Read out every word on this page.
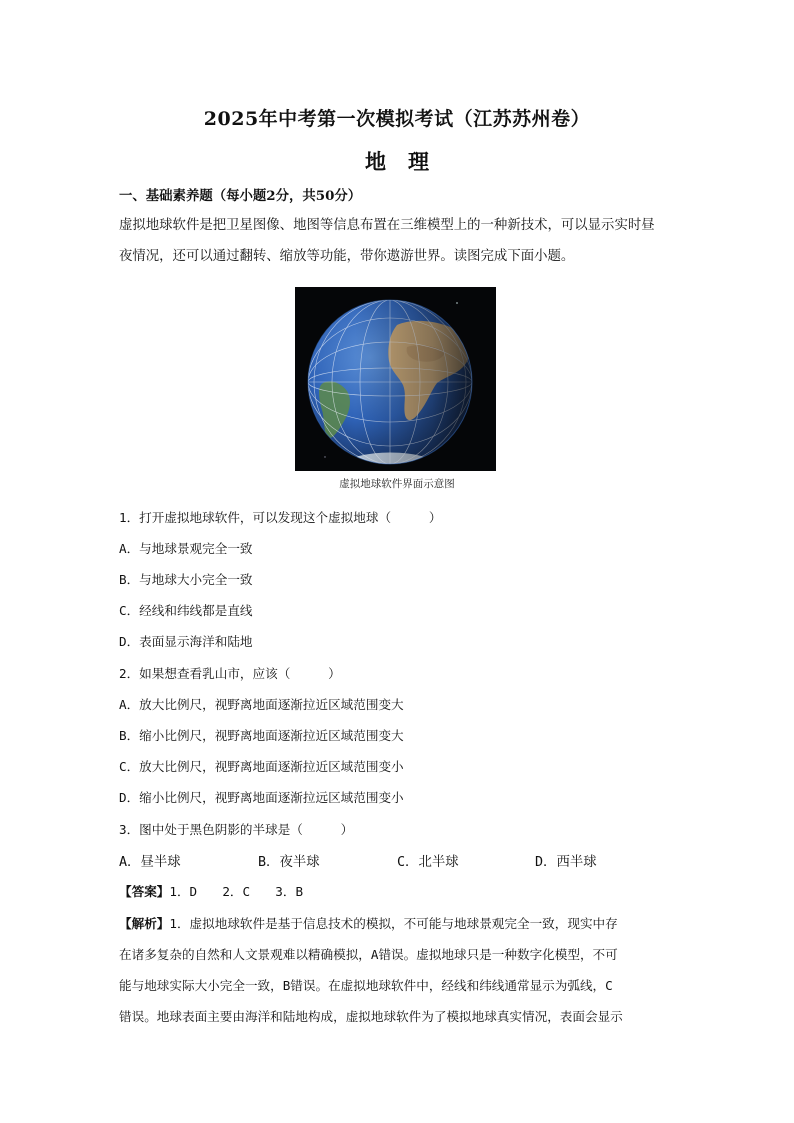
2025年中考第一次模拟考试（江苏苏州卷）
地理
一、基础素养题（每小题2分，共50分）
虚拟地球软件是把卫星图像、地图等信息布置在三维模型上的一种新技术，可以显示实时昼
夜情况，还可以通过翻转、缩放等功能，带你遨游世界。读图完成下面小题。
虚拟地球软件界面示意图
1．打开虚拟地球软件，可以发现这个虚拟地球（　　　）
A．与地球景观完全一致
B．与地球大小完全一致
C．经线和纬线都是直线
D．表面显示海洋和陆地
2．如果想查看乳山市，应该（　　　）
A．放大比例尺，视野离地面逐渐拉近区域范围变大
B．缩小比例尺，视野离地面逐渐拉近区域范围变大
C．放大比例尺，视野离地面逐渐拉近区域范围变小
D．缩小比例尺，视野离地面逐渐拉远区域范围变小
3．图中处于黑色阴影的半球是（　　　）
A．昼半球	B．夜半球	C．北半球	D．西半球
【答案】1．D　　2．C　　3．B
【解析】1．虚拟地球软件是基于信息技术的模拟，不可能与地球景观完全一致，现实中存
在诸多复杂的自然和人文景观难以精确模拟，A错误。虚拟地球只是一种数字化模型，不可
能与地球实际大小完全一致，B错误。在虚拟地球软件中，经线和纬线通常显示为弧线，C
错误。地球表面主要由海洋和陆地构成，虚拟地球软件为了模拟地球真实情况，表面会显示
